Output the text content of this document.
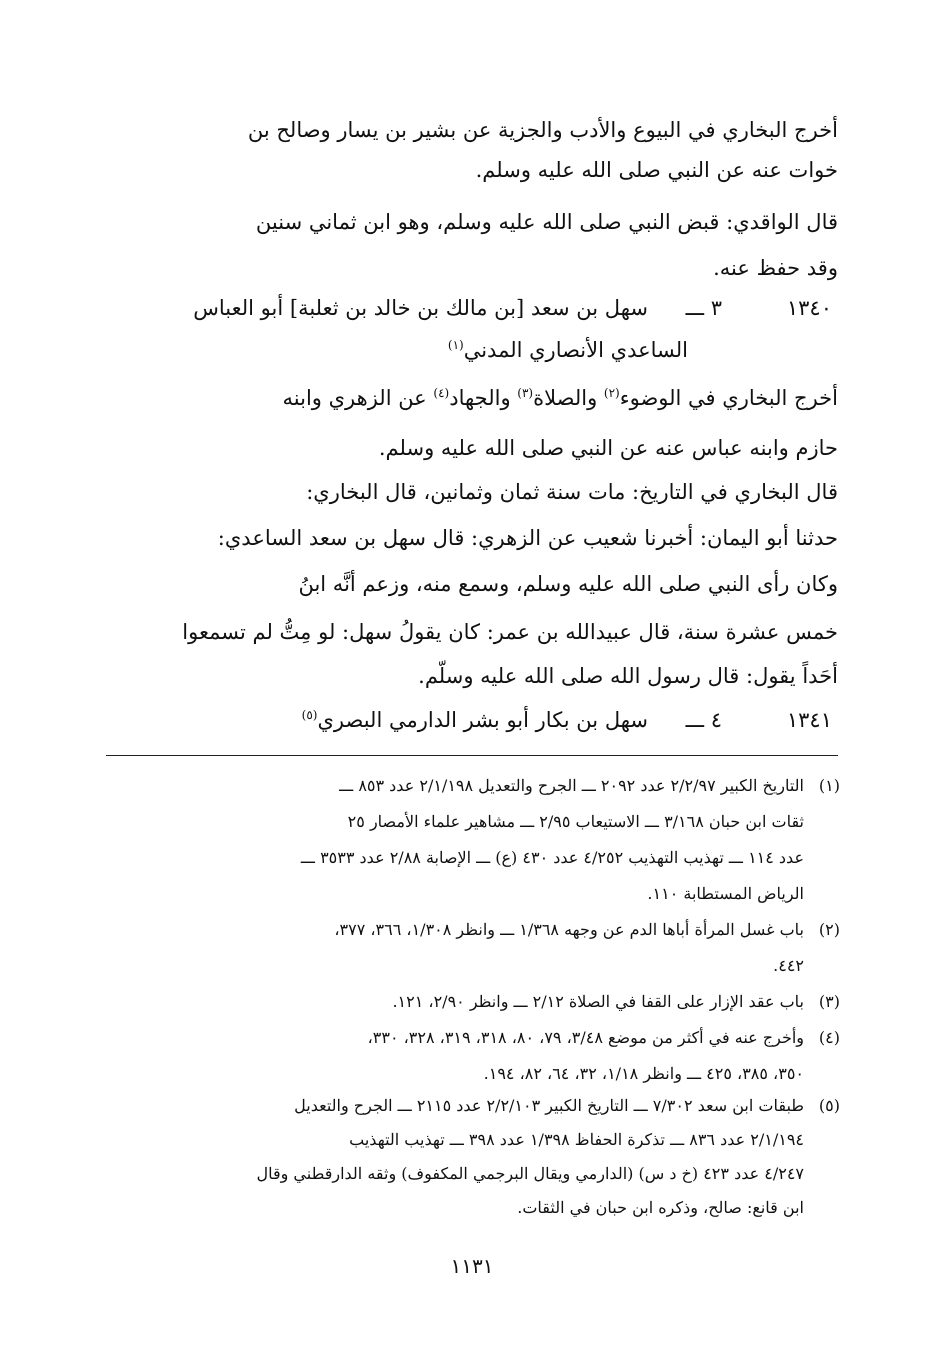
أخرج البخاري في البيوع والأدب والجزية عن بشير بن يسار وصالح بن
خوات عنه عن النبي صلى الله عليه وسلم.
قال الواقدي: قبض النبي صلى الله عليه وسلم، وهو ابن ثماني سنين
وقد حفظ عنه.
١٣٤٠
٣ ـــ
سهل بن سعد [بن مالك بن خالد بن ثعلبة] أبو العباس
الساعدي الأنصاري المدني$^{(١)}$
أخرج البخاري في الوضوء$^{(٢)}$ والصلاة$^{(٣)}$ والجهاد$^{(٤)}$ عن الزهري وابنه
حازم وابنه عباس عنه عن النبي صلى الله عليه وسلم.
قال البخاري في التاريخ: مات سنة ثمان وثمانين، قال البخاري:
حدثنا أبو اليمان: أخبرنا شعيب عن الزهري: قال سهل بن سعد الساعدي:
وكان رأى النبي صلى الله عليه وسلم، وسمع منه، وزعم أنَّه ابنُ
خمس عشرة سنة، قال عبيدالله بن عمر: كان يقولُ سهل: لو مِتُّ لم تسمعوا
أحَداً يقول: قال رسول الله صلى الله عليه وسلّم.
١٣٤١
٤ ـــ
سهل بن بكار أبو بشر الدارمي البصري$^{(٥)}$
(١)
التاريخ الكبير ٢/٢/٩٧ عدد ٢٠٩٢ ـــ الجرح والتعديل ٢/١/١٩٨ عدد ٨٥٣ ـــ
ثقات ابن حبان ٣/١٦٨ ـــ الاستيعاب ٢/٩٥ ـــ مشاهير علماء الأمصار ٢٥
عدد ١١٤ ـــ تهذيب التهذيب ٤/٢٥٢ عدد ٤٣٠ (ع) ـــ الإصابة ٢/٨٨ عدد ٣٥٣٣ ـــ
الرياض المستطابة ١١٠.
(٢)
باب غسل المرأة أباها الدم عن وجهه ١/٣٦٨ ـــ وانظر ١/٣٠٨، ٣٦٦، ٣٧٧،
٤٤٢.
(٣)
باب عقد الإزار على القفا في الصلاة ٢/١٢ ـــ وانظر ٢/٩٠، ١٢١.
(٤)
وأخرج عنه في أكثر من موضع ٣/٤٨، ٧٩، ٨٠، ٣١٨، ٣١٩، ٣٢٨، ٣٣٠،
٣٥٠، ٣٨٥، ٤٢٥ ـــ وانظر ١/١٨، ٣٢، ٦٤، ٨٢، ١٩٤.
(٥)
طبقات ابن سعد ٧/٣٠٢ ـــ التاريخ الكبير ٢/٢/١٠٣ عدد ٢١١٥ ـــ الجرح والتعديل
٢/١/١٩٤ عدد ٨٣٦ ـــ تذكرة الحفاظ ١/٣٩٨ عدد ٣٩٨ ـــ تهذيب التهذيب
٤/٢٤٧ عدد ٤٢٣ (خ د س) (الدارمي ويقال البرجمي المكفوف) وثقه الدارقطني وقال
ابن قانع: صالح، وذكره ابن حبان في الثقات.
١١٣١
